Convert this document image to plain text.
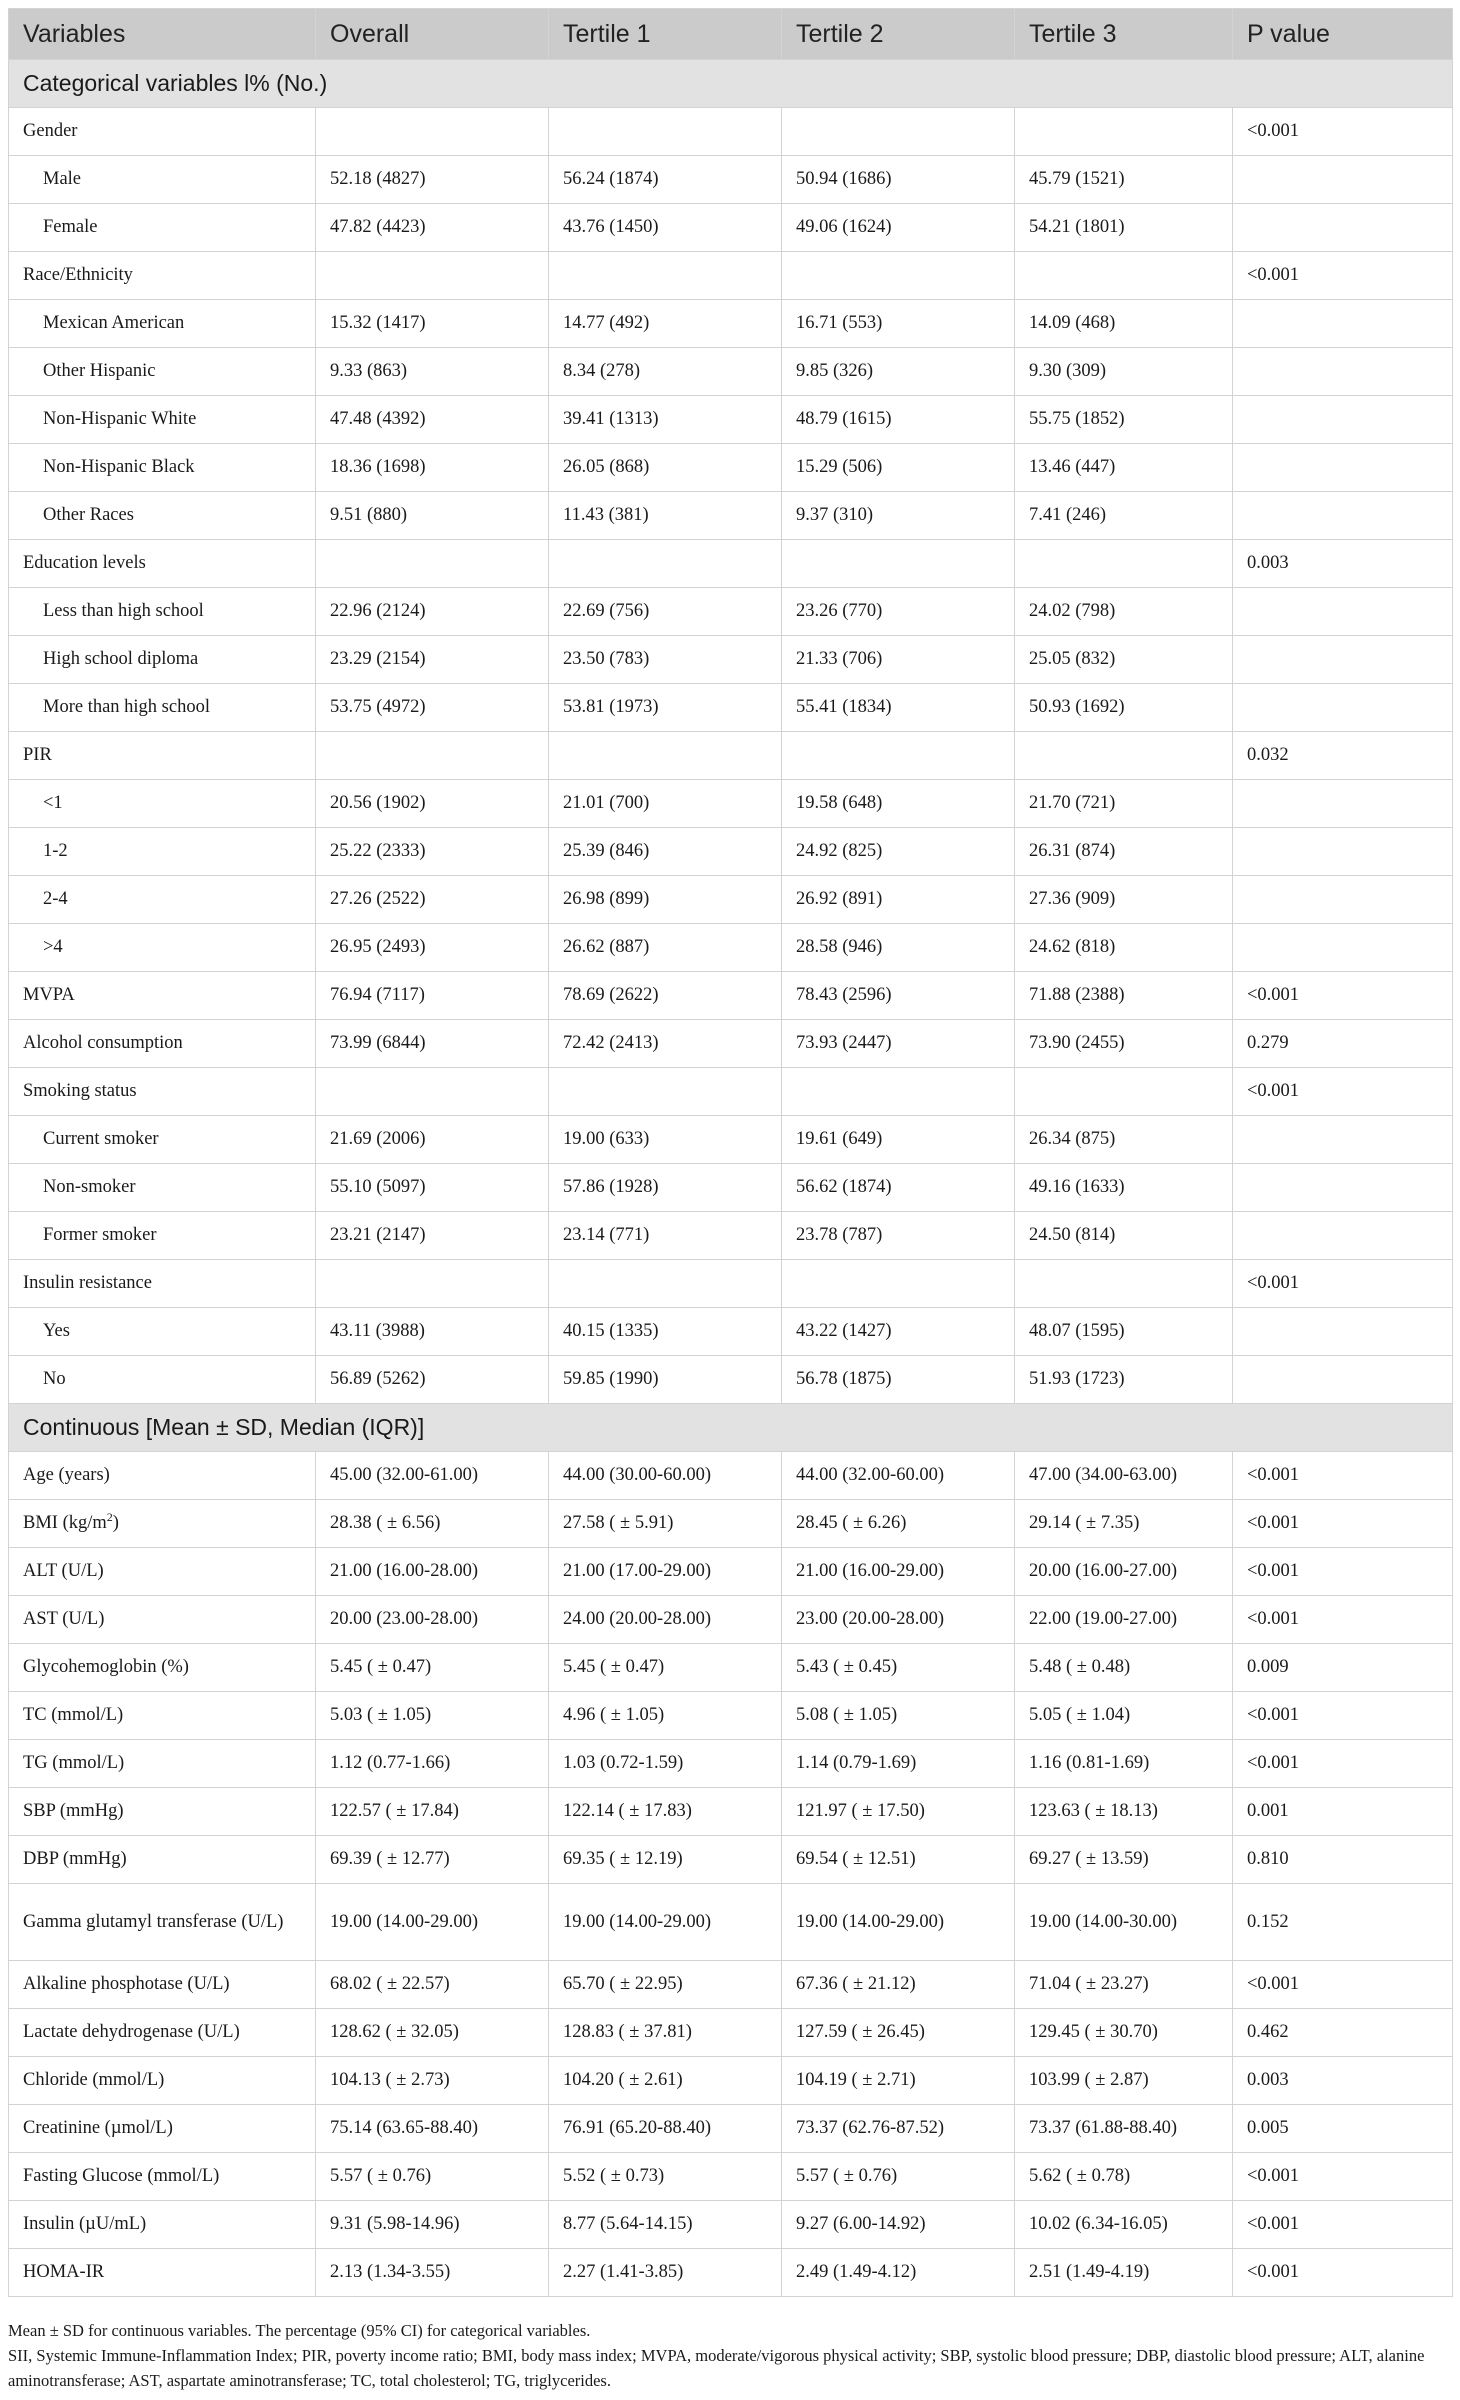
Variables	Overall	Tertile 1	Tertile 2	Tertile 3	P value
Categorical variables l% (No.)					
Gender					<0.001
Male	52.18 (4827)	56.24 (1874)	50.94 (1686)	45.79 (1521)	
Female	47.82 (4423)	43.76 (1450)	49.06 (1624)	54.21 (1801)	
Race/Ethnicity					<0.001
Mexican American	15.32 (1417)	14.77 (492)	16.71 (553)	14.09 (468)	
Other Hispanic	9.33 (863)	8.34 (278)	9.85 (326)	9.30 (309)	
Non-Hispanic White	47.48 (4392)	39.41 (1313)	48.79 (1615)	55.75 (1852)	
Non-Hispanic Black	18.36 (1698)	26.05 (868)	15.29 (506)	13.46 (447)	
Other Races	9.51 (880)	11.43 (381)	9.37 (310)	7.41 (246)	
Education levels					0.003
Less than high school	22.96 (2124)	22.69 (756)	23.26 (770)	24.02 (798)	
High school diploma	23.29 (2154)	23.50 (783)	21.33 (706)	25.05 (832)	
More than high school	53.75 (4972)	53.81 (1973)	55.41 (1834)	50.93 (1692)	
PIR					0.032
<1	20.56 (1902)	21.01 (700)	19.58 (648)	21.70 (721)	
1-2	25.22 (2333)	25.39 (846)	24.92 (825)	26.31 (874)	
2-4	27.26 (2522)	26.98 (899)	26.92 (891)	27.36 (909)	
>4	26.95 (2493)	26.62 (887)	28.58 (946)	24.62 (818)	
MVPA	76.94 (7117)	78.69 (2622)	78.43 (2596)	71.88 (2388)	<0.001
Alcohol consumption	73.99 (6844)	72.42 (2413)	73.93 (2447)	73.90 (2455)	0.279
Smoking status					<0.001
Current smoker	21.69 (2006)	19.00 (633)	19.61 (649)	26.34 (875)	
Non-smoker	55.10 (5097)	57.86 (1928)	56.62 (1874)	49.16 (1633)	
Former smoker	23.21 (2147)	23.14 (771)	23.78 (787)	24.50 (814)	
Insulin resistance					<0.001
Yes	43.11 (3988)	40.15 (1335)	43.22 (1427)	48.07 (1595)	
No	56.89 (5262)	59.85 (1990)	56.78 (1875)	51.93 (1723)	
Continuous [Mean ± SD, Median (IQR)]					
Age (years)	45.00 (32.00-61.00)	44.00 (30.00-60.00)	44.00 (32.00-60.00)	47.00 (34.00-63.00)	<0.001
BMI $(kg/m^2)$	28.38 ( ± 6.56)	27.58 ( ± 5.91)	28.45 ( ± 6.26)	29.14 ( ± 7.35)	<0.001
ALT (U/L)	21.00 (16.00-28.00)	21.00 (17.00-29.00)	21.00 (16.00-29.00)	20.00 (16.00-27.00)	<0.001
AST (U/L)	20.00 (23.00-28.00)	24.00 (20.00-28.00)	23.00 (20.00-28.00)	22.00 (19.00-27.00)	<0.001
Glycohemoglobin (%)	5.45 ( ± 0.47)	5.45 ( ± 0.47)	5.43 ( ± 0.45)	5.48 ( ± 0.48)	0.009
TC (mmol/L)	5.03 ( ± 1.05)	4.96 ( ± 1.05)	5.08 ( ± 1.05)	5.05 ( ± 1.04)	<0.001
TG (mmol/L)	1.12 (0.77-1.66)	1.03 (0.72-1.59)	1.14 (0.79-1.69)	1.16 (0.81-1.69)	<0.001
SBP (mmHg)	122.57 ( ± 17.84)	122.14 ( ± 17.83)	121.97 ( ± 17.50)	123.63 ( ± 18.13)	0.001
DBP (mmHg)	69.39 ( ± 12.77)	69.35 ( ± 12.19)	69.54 ( ± 12.51)	69.27 ( ± 13.59)	0.810
Gamma glutamyl transferase (U/L)	19.00 (14.00-29.00)	19.00 (14.00-29.00)	19.00 (14.00-29.00)	19.00 (14.00-30.00)	0.152
Alkaline phosphotase (U/L)	68.02 ( ± 22.57)	65.70 ( ± 22.95)	67.36 ( ± 21.12)	71.04 ( ± 23.27)	<0.001
Lactate dehydrogenase (U/L)	128.62 ( ± 32.05)	128.83 ( ± 37.81)	127.59 ( ± 26.45)	129.45 ( ± 30.70)	0.462
Chloride (mmol/L)	104.13 ( ± 2.73)	104.20 ( ± 2.61)	104.19 ( ± 2.71)	103.99 ( ± 2.87)	0.003
Creatinine (µmol/L)	75.14 (63.65-88.40)	76.91 (65.20-88.40)	73.37 (62.76-87.52)	73.37 (61.88-88.40)	0.005
Fasting Glucose (mmol/L)	5.57 ( ± 0.76)	5.52 ( ± 0.73)	5.57 ( ± 0.76)	5.62 ( ± 0.78)	<0.001
Insulin (µU/mL)	9.31 (5.98-14.96)	8.77 (5.64-14.15)	9.27 (6.00-14.92)	10.02 (6.34-16.05)	<0.001
HOMA-IR	2.13 (1.34-3.55)	2.27 (1.41-3.85)	2.49 (1.49-4.12)	2.51 (1.49-4.19)	<0.001

Mean ± SD for continuous variables. The percentage (95% CI) for categorical variables.

SII, Systemic Immune-Inflammation Index; PIR, poverty income ratio; BMI, body mass index; MVPA, moderate/vigorous physical activity; SBP, systolic blood pressure; DBP, diastolic blood pressure; ALT, alanine aminotransferase; AST, aspartate aminotransferase; TC, total cholesterol; TG, triglycerides.
